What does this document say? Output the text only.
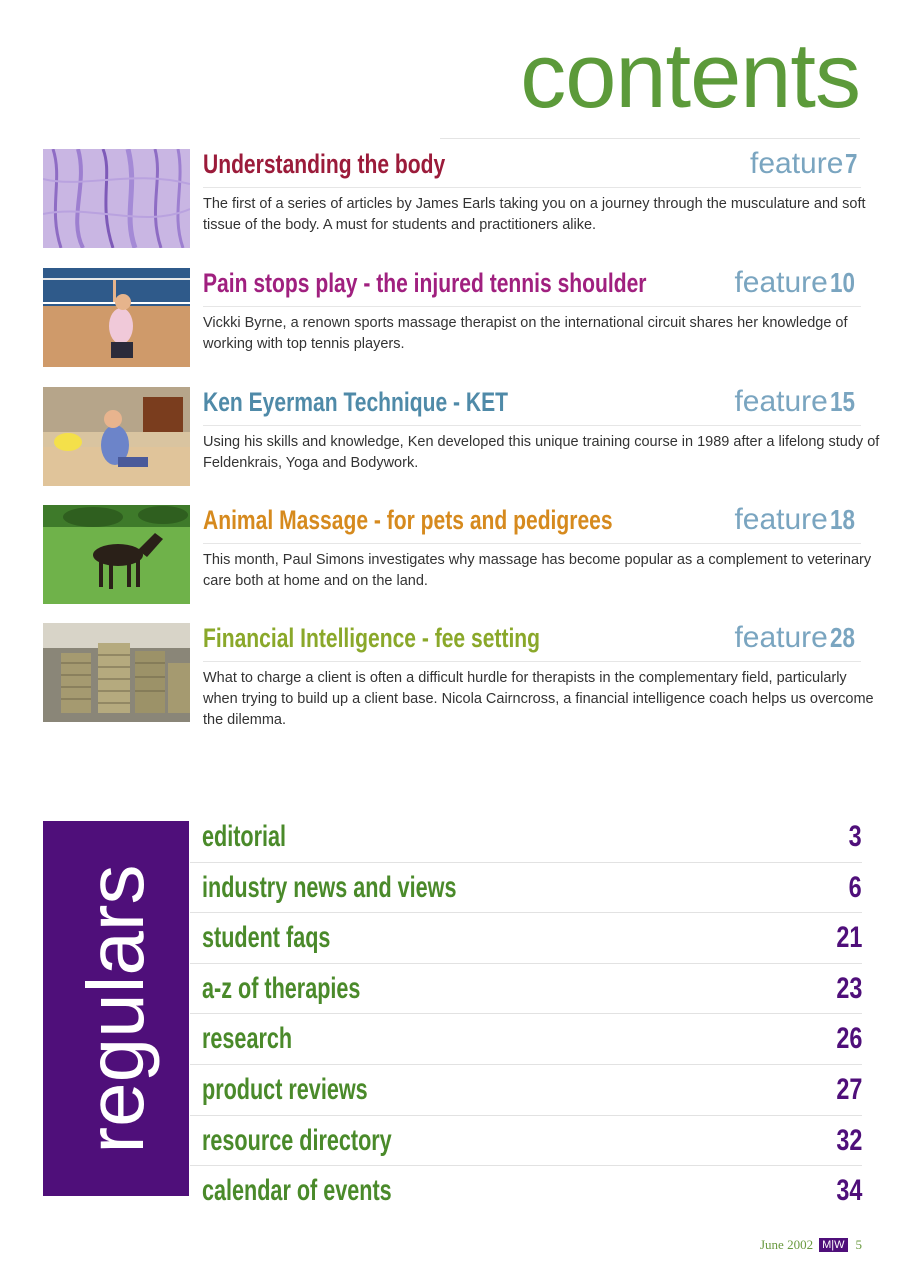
contents
Understanding the body	feature7
The first of a series of articles by James Earls taking you on a journey through the musculature and soft tissue of the body. A must for students and practitioners alike.
Pain stops play - the injured tennis shoulder	feature10
Vickki Byrne, a renown sports massage therapist on the international circuit shares her knowledge of working with top tennis players.
Ken Eyerman Technique - KET	feature15
Using his skills and knowledge, Ken developed this unique training course in 1989 after a lifelong study of Feldenkrais, Yoga and Bodywork.
Animal Massage - for pets and pedigrees	feature18
This month, Paul Simons investigates why massage has become popular as a complement to veterinary care both at home and on the land.
Financial Intelligence - fee setting	feature28
What to charge a client is often a difficult hurdle for therapists in the complementary field, particularly when trying to build up a client base. Nicola Cairncross, a financial intelligence coach helps us overcome the dilemma.
regulars
editorial	3
industry news and views	6
student faqs	21
a-z of therapies	23
research	26
product reviews	27
resource directory	32
calendar of events	34
June 2002 M|W 5
